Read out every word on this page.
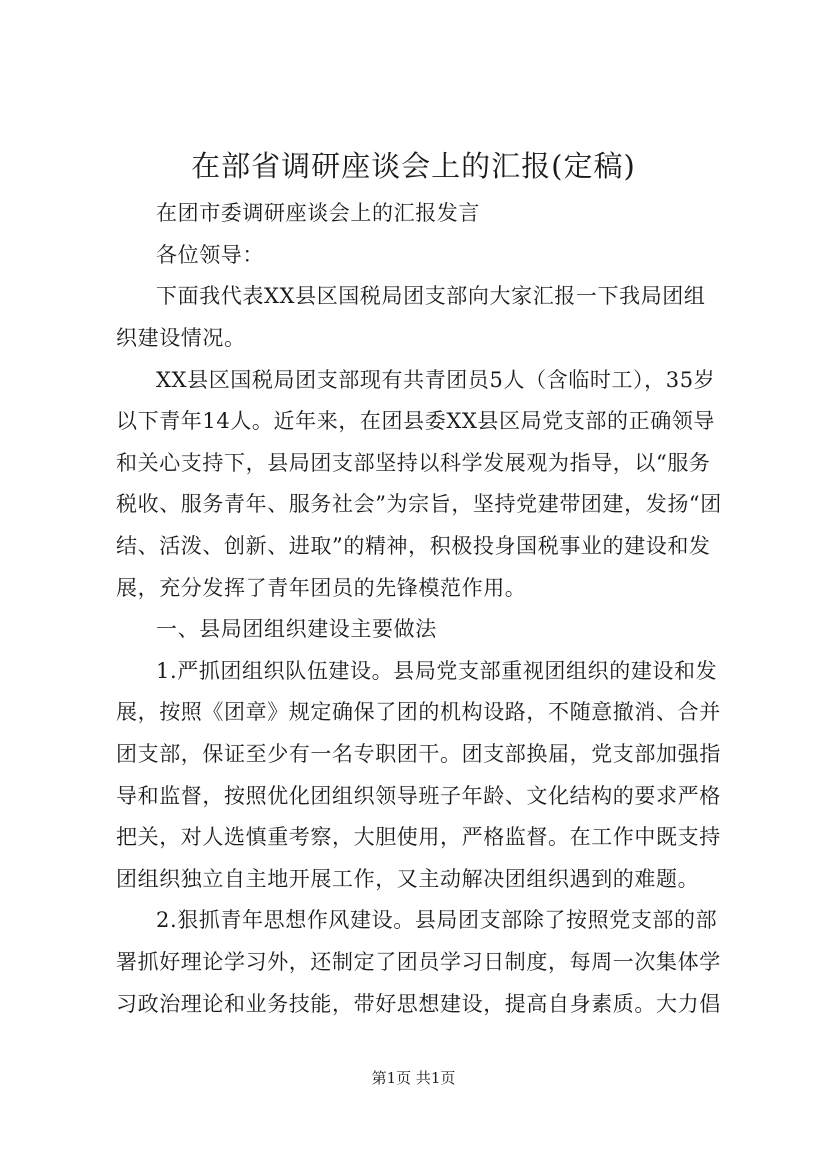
在部省调研座谈会上的汇报(定稿)
在团市委调研座谈会上的汇报发言
各位领导：
下面我代表XX县区国税局团支部向大家汇报一下我局团组
织建设情况。
XX县区国税局团支部现有共青团员5人（含临时工），35岁
以下青年14人。近年来，在团县委XX县区局党支部的正确领导
和关心支持下，县局团支部坚持以科学发展观为指导，以“服务
税收、服务青年、服务社会”为宗旨，坚持党建带团建，发扬“团
结、活泼、创新、进取”的精神，积极投身国税事业的建设和发
展，充分发挥了青年团员的先锋模范作用。
一、县局团组织建设主要做法
1.严抓团组织队伍建设。县局党支部重视团组织的建设和发
展，按照《团章》规定确保了团的机构设路，不随意撤消、合并
团支部，保证至少有一名专职团干。团支部换届，党支部加强指
导和监督，按照优化团组织领导班子年龄、文化结构的要求严格
把关，对人选慎重考察，大胆使用，严格监督。在工作中既支持
团组织独立自主地开展工作，又主动解决团组织遇到的难题。
2.狠抓青年思想作风建设。县局团支部除了按照党支部的部
署抓好理论学习外，还制定了团员学习日制度，每周一次集体学
习政治理论和业务技能，带好思想建设，提高自身素质。大力倡
第1页 共1页
